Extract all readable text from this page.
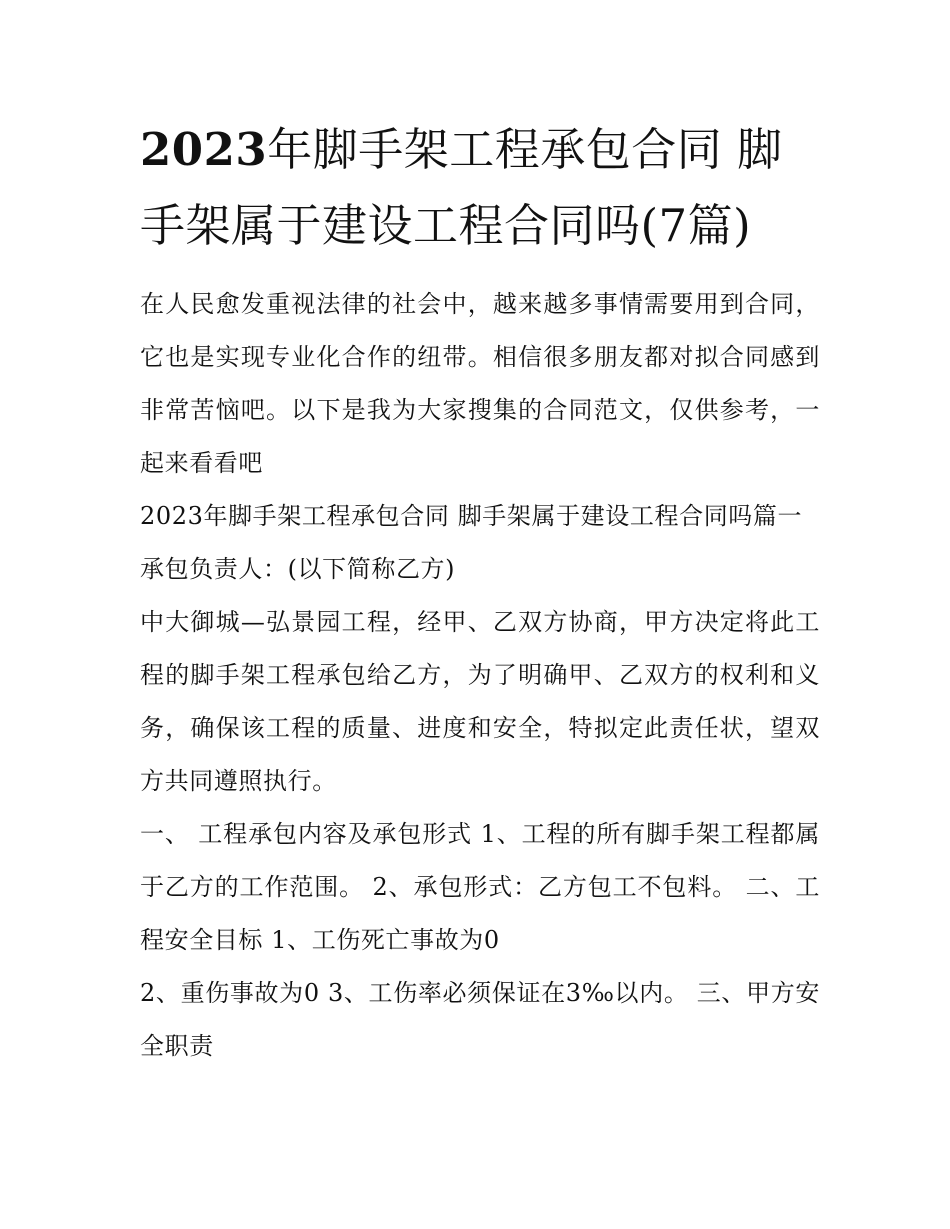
2023年脚手架工程承包合同 脚手架属于建设工程合同吗(7篇)

在人民愈发重视法律的社会中，越来越多事情需要用到合同，它也是实现专业化合作的纽带。相信很多朋友都对拟合同感到非常苦恼吧。以下是我为大家搜集的合同范文，仅供参考，一起来看看吧

2023年脚手架工程承包合同 脚手架属于建设工程合同吗篇一

承包负责人：(以下简称乙方)

中大御城—弘景园工程，经甲、乙双方协商，甲方决定将此工程的脚手架工程承包给乙方，为了明确甲、乙双方的权利和义务，确保该工程的质量、进度和安全，特拟定此责任状，望双方共同遵照执行。

一、 工程承包内容及承包形式 1、工程的所有脚手架工程都属于乙方的工作范围。 2、承包形式：乙方包工不包料。 二、工程安全目标 1、工伤死亡事故为0

2、重伤事故为0 3、工伤率必须保证在3‰以内。 三、甲方安全职责
